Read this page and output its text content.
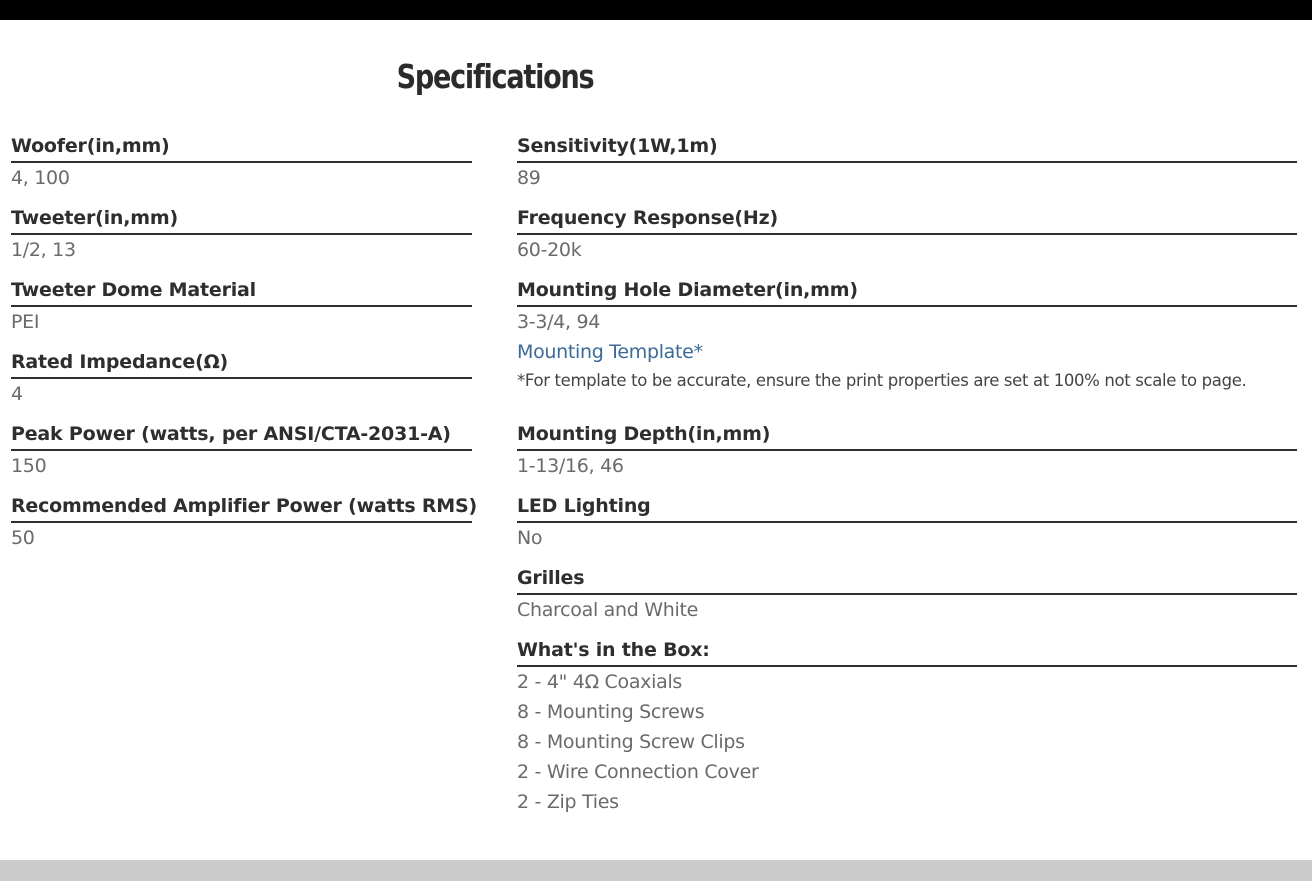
Specifications
Woofer(in,mm)
4, 100
Tweeter(in,mm)
1/2, 13
Tweeter Dome Material
PEI
Rated Impedance(Ω)
4
Peak Power (watts, per ANSI/CTA-2031-A)
150
Recommended Amplifier Power (watts RMS)
50
Sensitivity(1W,1m)
89
Frequency Response(Hz)
60-20k
Mounting Hole Diameter(in,mm)
3-3/4, 94
Mounting Template*
*For template to be accurate, ensure the print properties are set at 100% not scale to page.
Mounting Depth(in,mm)
1-13/16, 46
LED Lighting
No
Grilles
Charcoal and White
What's in the Box:
2 - 4" 4Ω Coaxials
8 - Mounting Screws
8 - Mounting Screw Clips
2 - Wire Connection Cover
2 - Zip Ties
